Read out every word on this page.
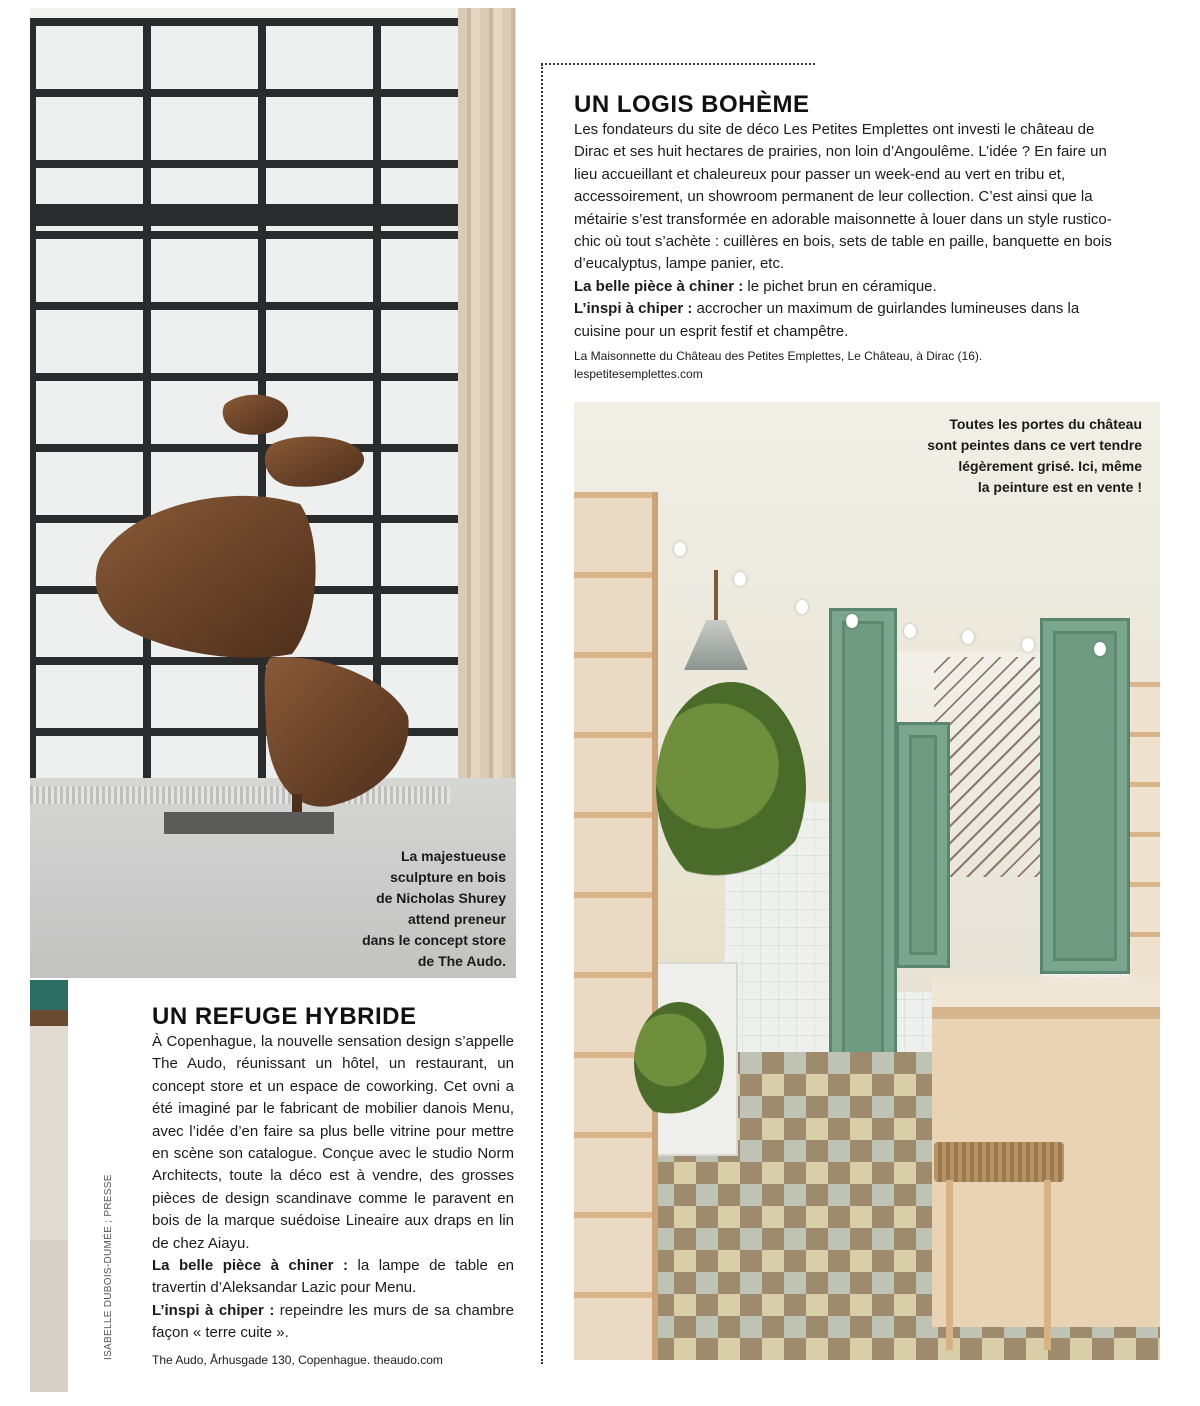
La majestueuse
sculpture en bois
de Nicholas Shurey
attend preneur
dans le concept store
de The Audo.
ISABELLE DUBOIS-DUMÉE ; PRESSE
UN REFUGE HYBRIDE

À Copenhague, la nouvelle sensation design s’appelle The Audo, réunissant un hôtel, un restaurant, un concept store et un espace de coworking. Cet ovni a été imaginé par le fabricant de mobilier danois Menu, avec l’idée d’en faire sa plus belle vitrine pour mettre en scène son catalogue. Conçue avec le studio Norm Architects, toute la déco est à vendre, des grosses pièces de design scandinave comme le paravent en bois de la marque suédoise Lineaire aux draps en lin de chez Aiayu.
La belle pièce à chiner : la lampe de table en travertin d’Aleksandar Lazic pour Menu.
L’inspi à chiper : repeindre les murs de sa chambre façon « terre cuite ».

The Audo, Århusgade 130, Copenhague. theaudo.com

UN LOGIS BOHÈME

Les fondateurs du site de déco Les Petites Emplettes ont investi le château de Dirac et ses huit hectares de prairies, non loin d’Angoulême. L’idée ? En faire un lieu accueillant et chaleureux pour passer un week-end au vert en tribu et, accessoirement, un showroom permanent de leur collection. C’est ainsi que la métairie s’est transformée en adorable maisonnette à louer dans un style rustico-chic où tout s’achète : cuillères en bois, sets de table en paille, banquette en bois d’eucalyptus, lampe panier, etc.
La belle pièce à chiner : le pichet brun en céramique.
L’inspi à chiper : accrocher un maximum de guirlandes lumineuses dans la cuisine pour un esprit festif et champêtre.

La Maisonnette du Château des Petites Emplettes, Le Château, à Dirac (16).
lespetitesemplettes.com

Toutes les portes du château
sont peintes dans ce vert tendre
légèrement grisé. Ici, même
la peinture est en vente !
